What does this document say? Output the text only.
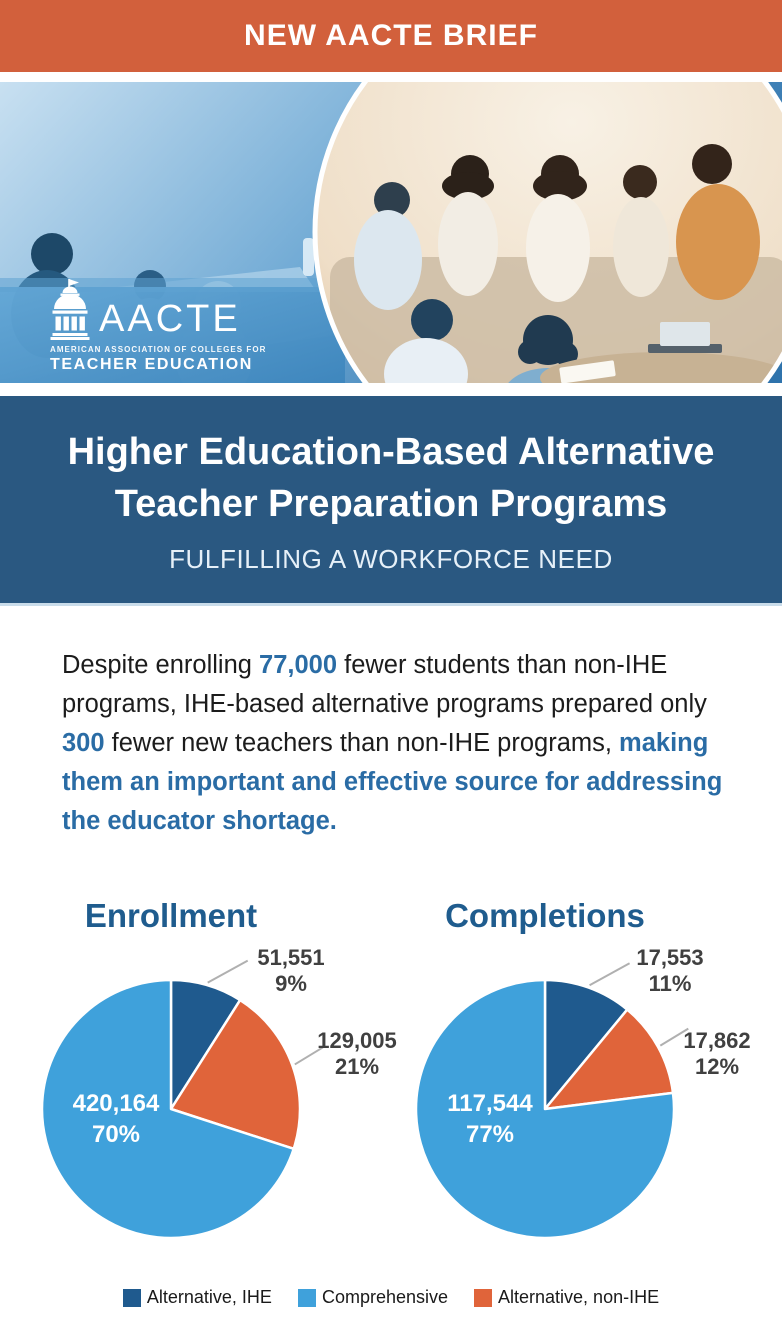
NEW AACTE BRIEF
AACTE
AMERICAN ASSOCIATION OF COLLEGES FOR
TEACHER EDUCATION
Higher Education-Based Alternative
Teacher Preparation Programs
FULFILLING A WORKFORCE NEED

Despite enrolling 77,000 fewer students than non-IHE programs, IHE-based alternative programs prepared only 300 fewer new teachers than non-IHE programs, making them an important and effective source for addressing the educator shortage.

Enrollment	Completions
51,551
9%
129,005
21%
420,164
70%
17,553
11%
17,862
12%
117,544
77%
Alternative, IHE	Comprehensive	Alternative, non-IHE
